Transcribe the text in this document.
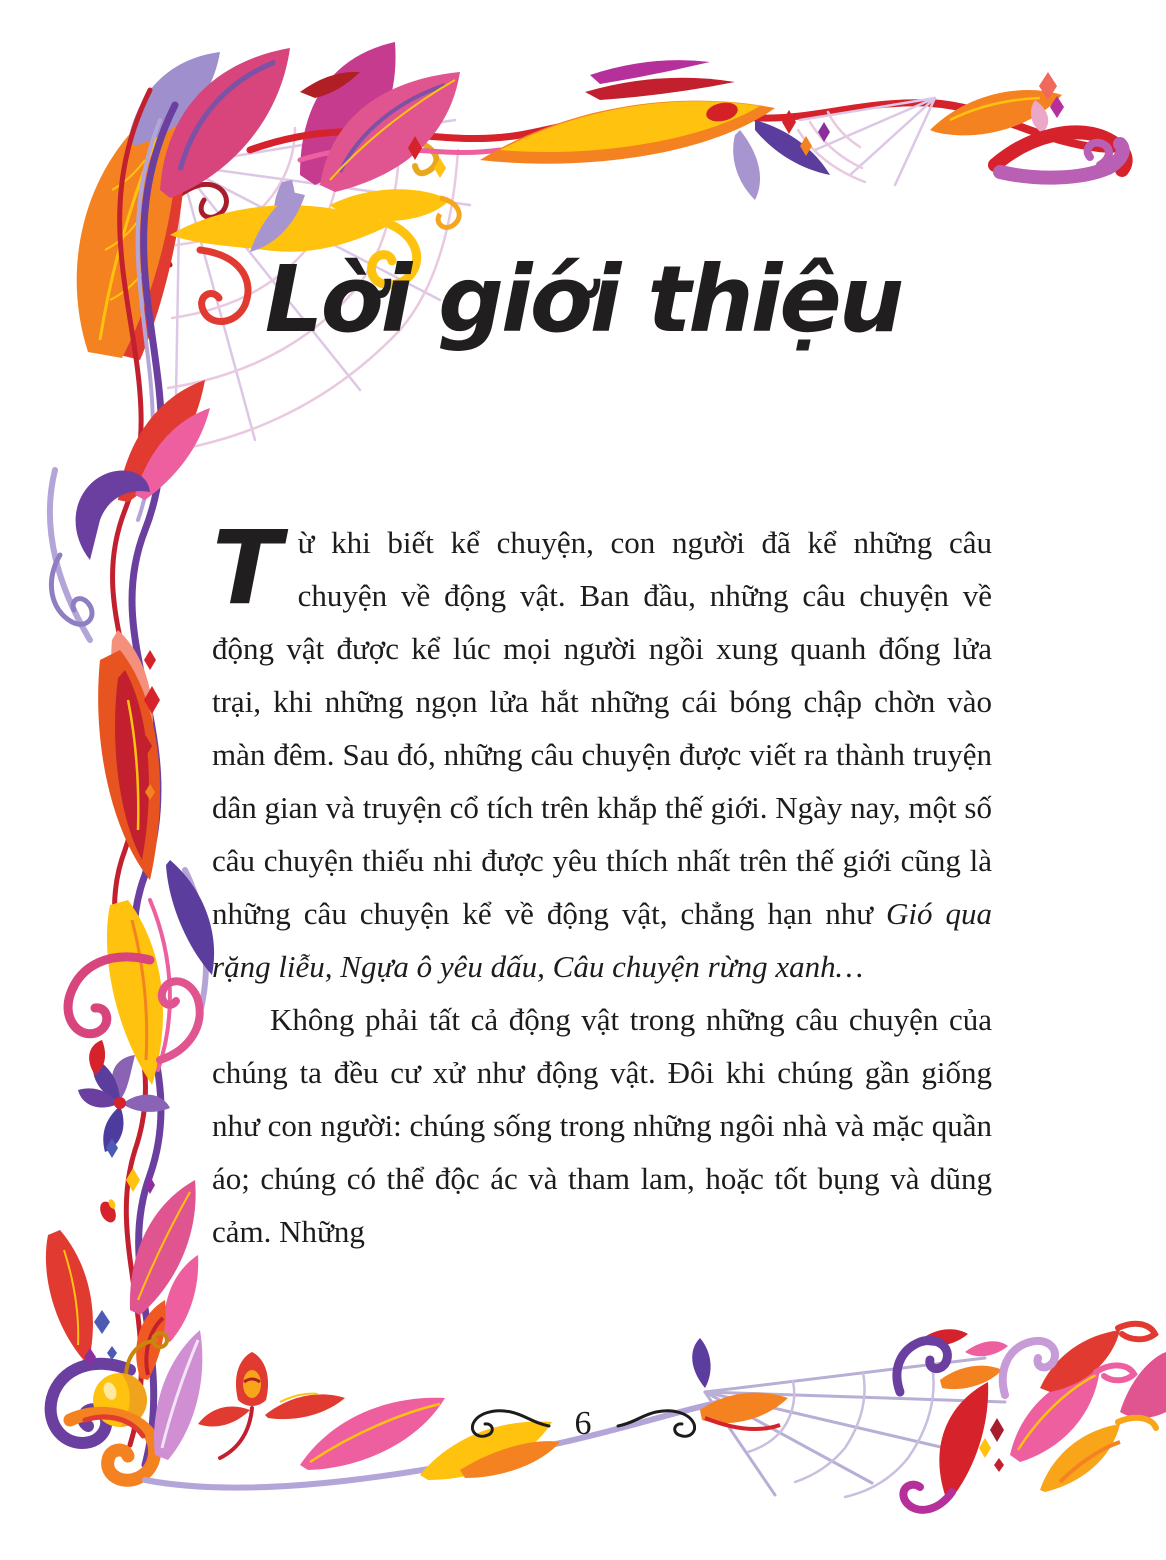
Lời giới thiệu

Từ khi biết kể chuyện, con người đã kể những câu chuyện về động vật. Ban đầu, những câu chuyện về động vật được kể lúc mọi người ngồi xung quanh đống lửa trại, khi những ngọn lửa hắt những cái bóng chập chờn vào màn đêm. Sau đó, những câu chuyện được viết ra thành truyện dân gian và truyện cổ tích trên khắp thế giới. Ngày nay, một số câu chuyện thiếu nhi được yêu thích nhất trên thế giới cũng là những câu chuyện kể về động vật, chẳng hạn như Gió qua rặng liễu, Ngựa ô yêu dấu, Câu chuyện rừng xanh…

Không phải tất cả động vật trong những câu chuyện của chúng ta đều cư xử như động vật. Đôi khi chúng gần giống như con người: chúng sống trong những ngôi nhà và mặc quần áo; chúng có thể độc ác và tham lam, hoặc tốt bụng và dũng cảm. Những

6
